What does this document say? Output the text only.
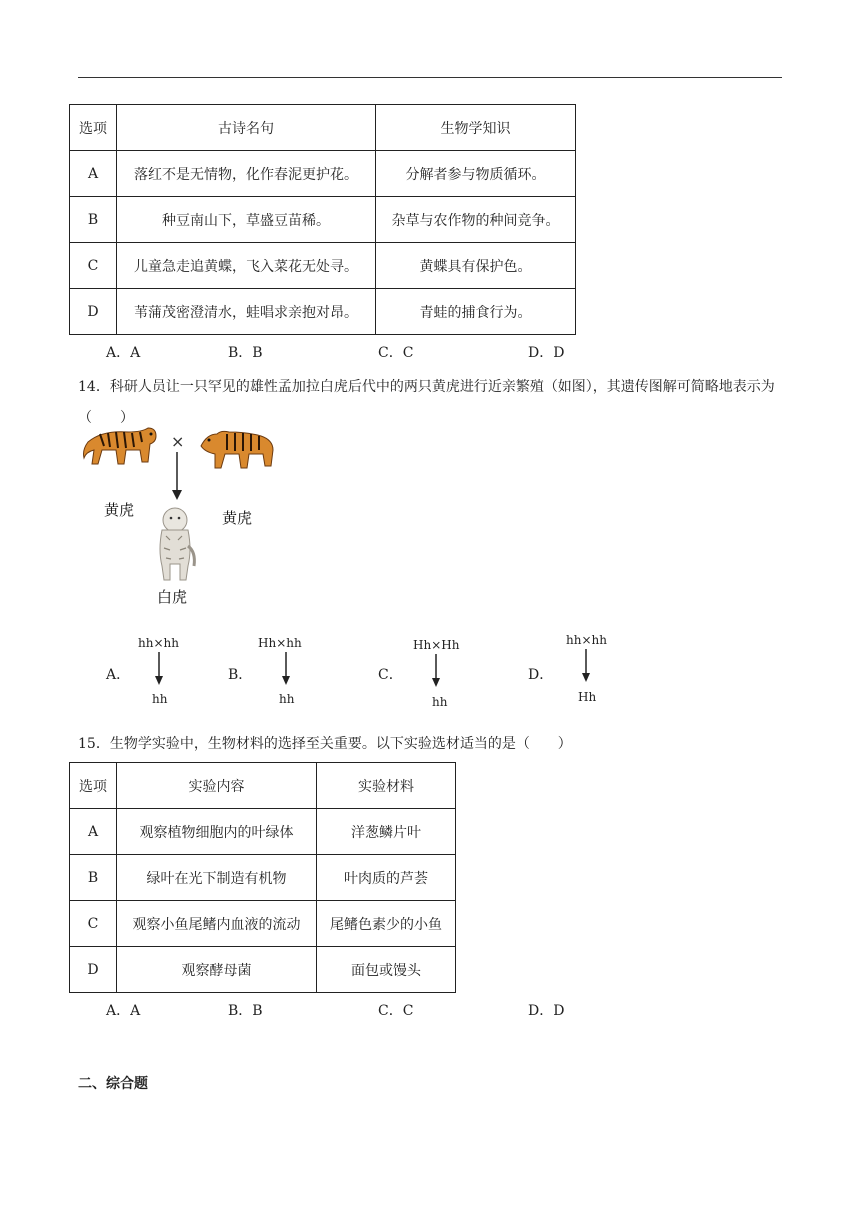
选项	古诗名句	生物学知识
A	落红不是无情物，化作春泥更护花。	分解者参与物质循环。
B	种豆南山下，草盛豆苗稀。	杂草与农作物的种间竞争。
C	儿童急走追黄蝶，飞入菜花无处寻。	黄蝶具有保护色。
D	苇蒲茂密澄清水，蛙唱求亲抱对昂。	青蛙的捕食行为。
A．A	B．B	C．C	D．D
14．科研人员让一只罕见的雄性孟加拉白虎后代中的两只黄虎进行近亲繁殖（如图），其遗传图解可简略地表示为（　　）
黄虎
×
黄虎
白虎
A．
hh×hh
hh
B．
Hh×hh
hh
C．
Hh×Hh
hh
D．
hh×hh
Hh
15．生物学实验中，生物材料的选择至关重要。以下实验选材适当的是（　　）
选项	实验内容	实验材料
A	观察植物细胞内的叶绿体	洋葱鳞片叶
B	绿叶在光下制造有机物	叶肉质的芦荟
C	观察小鱼尾鳍内血液的流动	尾鳍色素少的小鱼
D	观察酵母菌	面包或馒头
A．A	B．B	C．C	D．D
二、综合题
